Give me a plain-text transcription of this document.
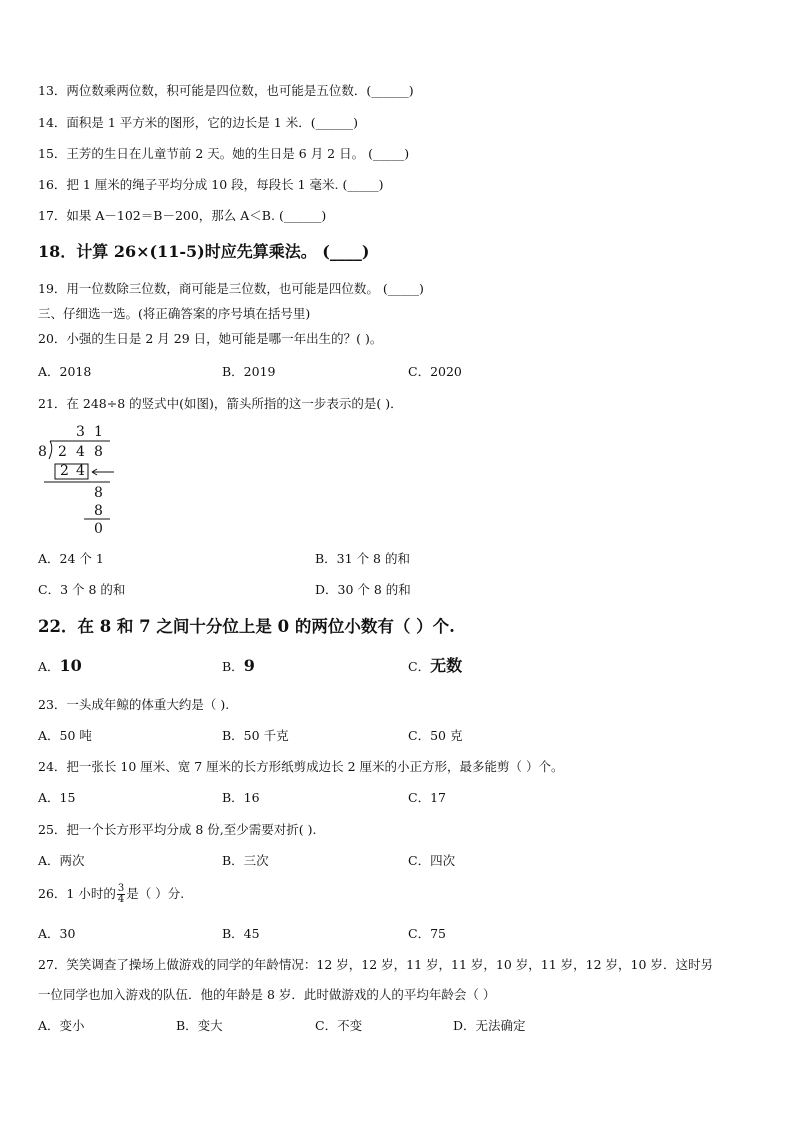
13．两位数乘两位数，积可能是四位数，也可能是五位数．(______)
14．面积是 1 平方米的图形，它的边长是 1 米．(______)
15．王芳的生日在儿童节前 2 天。她的生日是 6 月 2 日。 (_____)
16．把 1 厘米的绳子平均分成 10 段，每段长 1 毫米. (_____)
17．如果 A－102＝B－200，那么 A＜B. (______)
18．计算 26×(11-5)时应先算乘法。 (____)
19．用一位数除三位数，商可能是三位数，也可能是四位数。 (_____)
三、仔细选一选。(将正确答案的序号填在括号里)
20．小强的生日是 2 月 29 日，她可能是哪一年出生的？( )。
A．2018	B．2019	C．2020
21．在 248÷8 的竖式中(如图)，箭头所指的这一步表示的是( )．
3 1
8 2 4 8
2 4
8
8
0
A．24 个 1	B．31 个 8 的和
C．3 个 8 的和	D．30 个 8 的和
22．在 8 和 7 之间十分位上是 0 的两位小数有（ ）个.
A．10	B．9	C．无数
23．一头成年鲸的体重大约是（ ).
A．50 吨	B．50 千克	C．50 克
24．把一张长 10 厘米、宽 7 厘米的长方形纸剪成边长 2 厘米的小正方形，最多能剪（ ）个。
A．15	B．16	C．17
25．把一个长方形平均分成 8 份,至少需要对折( ).
A．两次	B．三次	C．四次
26．1 小时的 $\frac{3}{4}$ 是（ ）分.
A．30	B．45	C．75
27．笑笑调查了操场上做游戏的同学的年龄情况：12 岁，12 岁，11 岁，11 岁，10 岁，11 岁，12 岁，10 岁．这时另
一位同学也加入游戏的队伍．他的年龄是 8 岁．此时做游戏的人的平均年龄会（ ）
A．变小	B．变大	C．不变	D．无法确定
